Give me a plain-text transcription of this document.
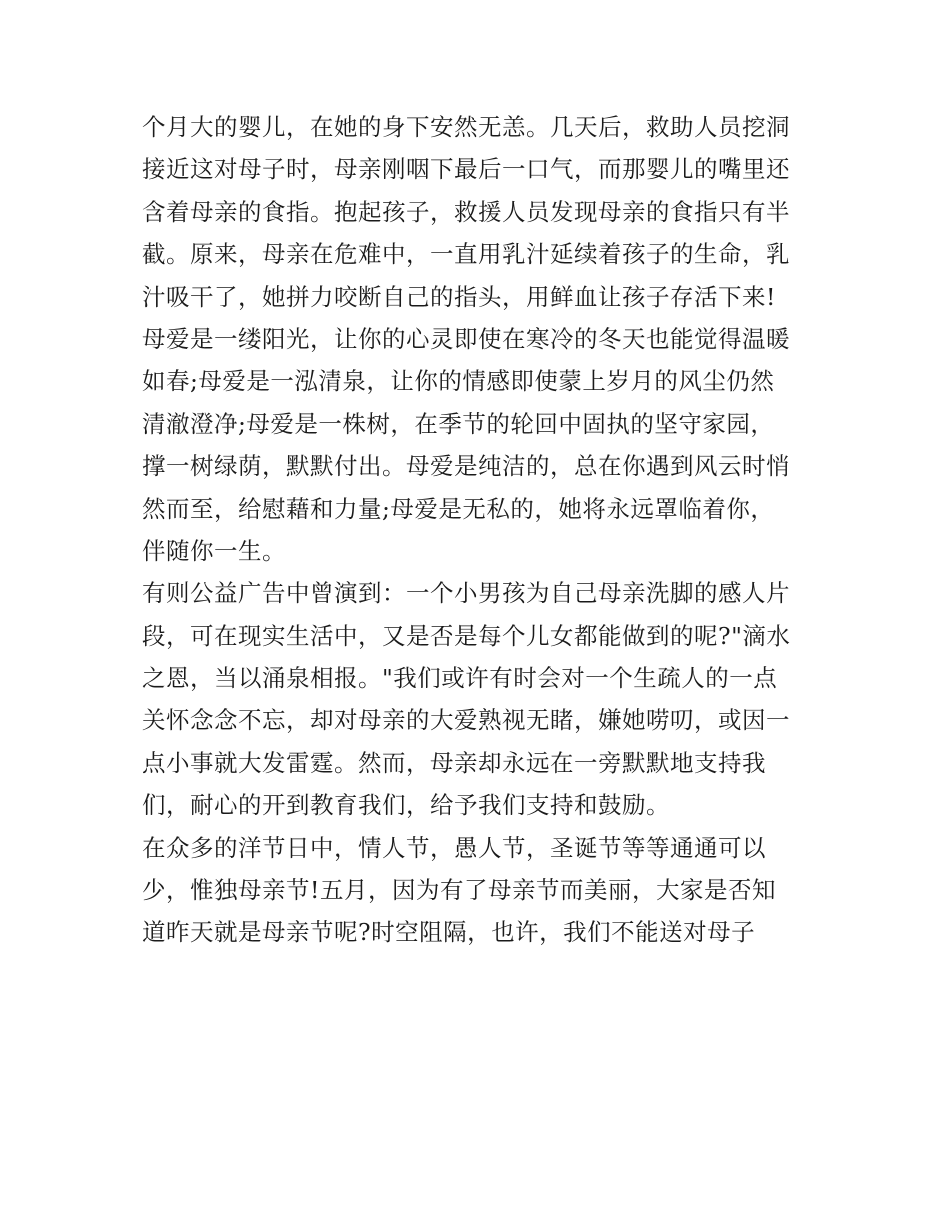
个月大的婴儿，在她的身下安然无恙。几天后，救助人员挖洞
接近这对母子时，母亲刚咽下最后一口气，而那婴儿的嘴里还
含着母亲的食指。抱起孩子，救援人员发现母亲的食指只有半
截。原来，母亲在危难中，一直用乳汁延续着孩子的生命，乳
汁吸干了，她拼力咬断自己的指头，用鲜血让孩子存活下来!
母爱是一缕阳光，让你的心灵即使在寒冷的冬天也能觉得温暖
如春;母爱是一泓清泉，让你的情感即使蒙上岁月的风尘仍然
清澈澄净;母爱是一株树，在季节的轮回中固执的坚守家园，
撑一树绿荫，默默付出。母爱是纯洁的，总在你遇到风云时悄
然而至，给慰藉和力量;母爱是无私的，她将永远罩临着你，
伴随你一生。
有则公益广告中曾演到：一个小男孩为自己母亲洗脚的感人片
段，可在现实生活中，又是否是每个儿女都能做到的呢?"滴水
之恩，当以涌泉相报。"我们或许有时会对一个生疏人的一点
关怀念念不忘，却对母亲的大爱熟视无睹，嫌她唠叨，或因一
点小事就大发雷霆。然而，母亲却永远在一旁默默地支持我
们，耐心的开到教育我们，给予我们支持和鼓励。
在众多的洋节日中，情人节，愚人节，圣诞节等等通通可以
少，惟独母亲节!五月，因为有了母亲节而美丽，大家是否知
道昨天就是母亲节呢?时空阻隔，也许，我们不能送对母子
